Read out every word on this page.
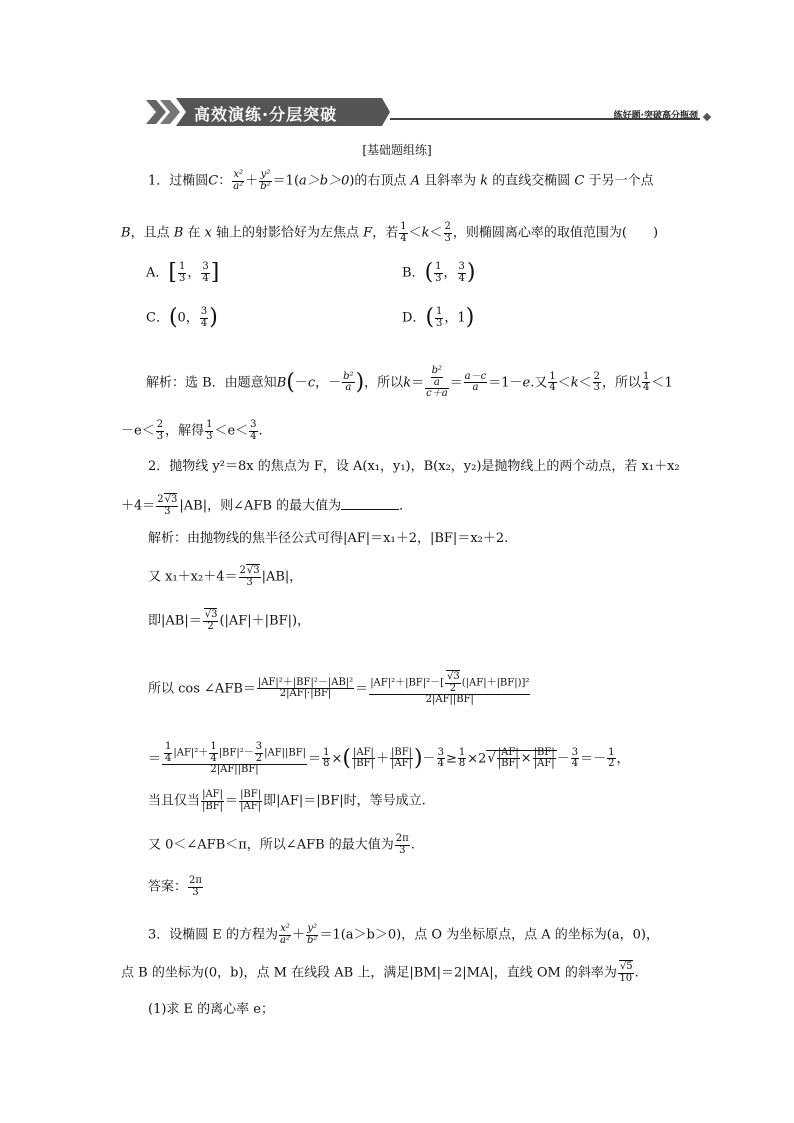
高效演练·分层突破	练好题·突破高分瓶颈
[基础题组练]
1．过椭圆C： $\frac{\text{x²}}{\text{a²}} + \frac{\text{y²}}{\text{b²}} =1(a>b>0)$的右顶点 A 且斜率为 k 的直线交椭圆 C 于另一个点
B，且点 B 在 x 轴上的射影恰好为左焦点 F，若 $\frac{1}{4} <k< \frac{2}{3}$ ，则椭圆离心率的取值范围为(　　)
A．[ $\frac{1}{3}$ ， $\frac{3}{4}$ ]	B．( $\frac{1}{3}$ ， $\frac{3}{4}$ )
C．(0， $\frac{3}{4}$ )	D．( $\frac{1}{3}$ ，1)
解析：选 B．由题意知B(－c，－ $\frac{\text{b²}}{a}$ )，所以$k= \frac{\frac{\text{b²}}{a}}{c+a} = \frac{a-c}{a} =1-e$.又 $\frac{1}{4} <k< \frac{2}{3}$ ，所以 $\frac{1}{4} <1$
$-e< \frac{2}{3}$ ，解得 $\frac{1}{3} <e< \frac{3}{4}$ .
2．抛物线 y²＝8x 的焦点为 F，设 A(x₁，y₁)，B(x₂，y₂)是抛物线上的两个动点，若 x₁＋x₂
$+4= \frac{2√3}{3} |AB|$，则∠AFB 的最大值为	．
解析：由抛物线的焦半径公式可得|AF|＝x₁＋2，|BF|＝x₂＋2.
又 $x_1+x_2+4= \frac{2√3}{3} |AB|$，
即$|AB|= \frac{√3}{2} (|AF|+|BF|)$，
所以 cos ∠AFB＝ $\frac{\text{|AF|²＋|BF|²－|AB|²}}{2|AF|\cdot|BF|} = \frac{|AF|^2+|BF|^2-[ \frac{√3}{2} (|AF|+|BF|)]^2}{2|AF||BF|}$
＝ $\frac{\frac{1}{4} |AF|^2+ \frac{1}{4} |BF|^2- \frac{3}{2} |AF||BF|}{2|AF||BF|} = \frac{1}{8}$ ×( $\frac{|AF|}{|BF|} + \frac{|BF|}{|AF|}$ )－ $\frac{3}{4} \ge \frac{1}{8} \times 2√ \frac{|AF|}{|BF|} \times \frac{|BF|}{|AF|} - \frac{3}{4} =- \frac{1}{2}$ ，
当且仅当 $\frac{|AF|}{|BF|} = \frac{|BF|}{|AF|}$ 即|AF|＝|BF|时，等号成立.
又 0＜∠AFB＜π，所以∠AFB 的最大值为 $\frac{2\pi}{3}$ .
答案： $\frac{2\pi}{3}$
3．设椭圆 E 的方程为 $\frac{\text{x²}}{\text{a²}} + \frac{\text{y²}}{\text{b²}} =1(a>b>0)$，点 O 为坐标原点，点 A 的坐标为(a，0)，
点 B 的坐标为(0，b)，点 M 在线段 AB 上，满足|BM|＝2|MA|，直线 OM 的斜率为 $\frac{√5}{10}$ .
(1)求 E 的离心率 e；
